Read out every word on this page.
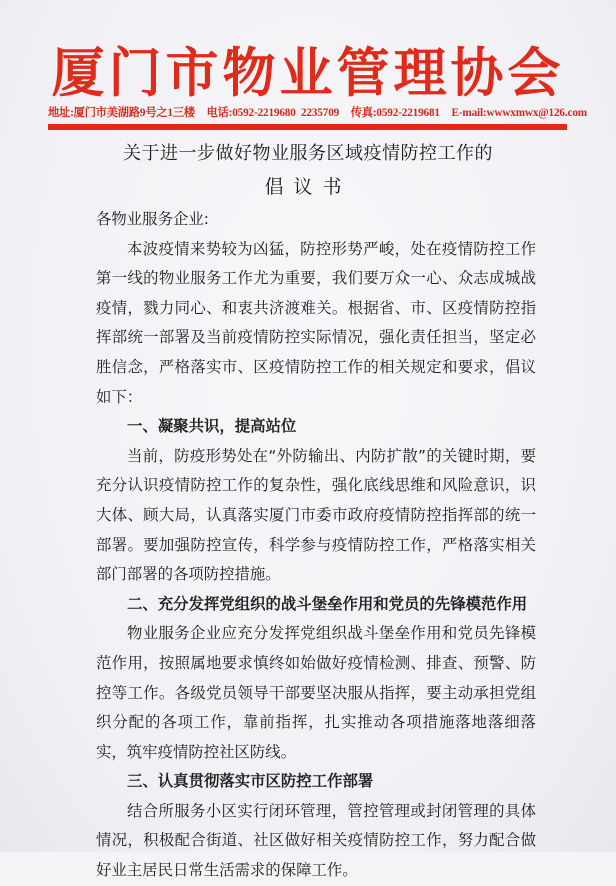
厦门市物业管理协会
地址:厦门市美湖路9号之1三楼 电话:0592-2219680  2235709 传真:0592-2219681 E-mail:wwwxmwx@126.com
关于进一步做好物业服务区域疫情防控工作的
倡议书

各物业服务企业:

本波疫情来势较为凶猛，防控形势严峻，处在疫情防控工作第一线的物业服务工作尤为重要，我们要万众一心、众志成城战疫情，戮力同心、和衷共济渡难关。根据省、市、区疫情防控指挥部统一部署及当前疫情防控实际情况，强化责任担当，坚定必胜信念，严格落实市、区疫情防控工作的相关规定和要求，倡议如下：

一、凝聚共识，提高站位

当前，防疫形势处在“外防输出、内防扩散”的关键时期，要充分认识疫情防控工作的复杂性，强化底线思维和风险意识，识大体、顾大局，认真落实厦门市委市政府疫情防控指挥部的统一部署。要加强防控宣传，科学参与疫情防控工作，严格落实相关部门部署的各项防控措施。

二、充分发挥党组织的战斗堡垒作用和党员的先锋模范作用

物业服务企业应充分发挥党组织战斗堡垒作用和党员先锋模范作用，按照属地要求慎终如始做好疫情检测、排查、预警、防控等工作。各级党员领导干部要坚决服从指挥，要主动承担党组织分配的各项工作，靠前指挥，扎实推动各项措施落地落细落实，筑牢疫情防控社区防线。

三、认真贯彻落实市区防控工作部署

结合所服务小区实行闭环管理，管控管理或封闭管理的具体情况，积极配合街道、社区做好相关疫情防控工作，努力配合做好业主居民日常生活需求的保障工作。
